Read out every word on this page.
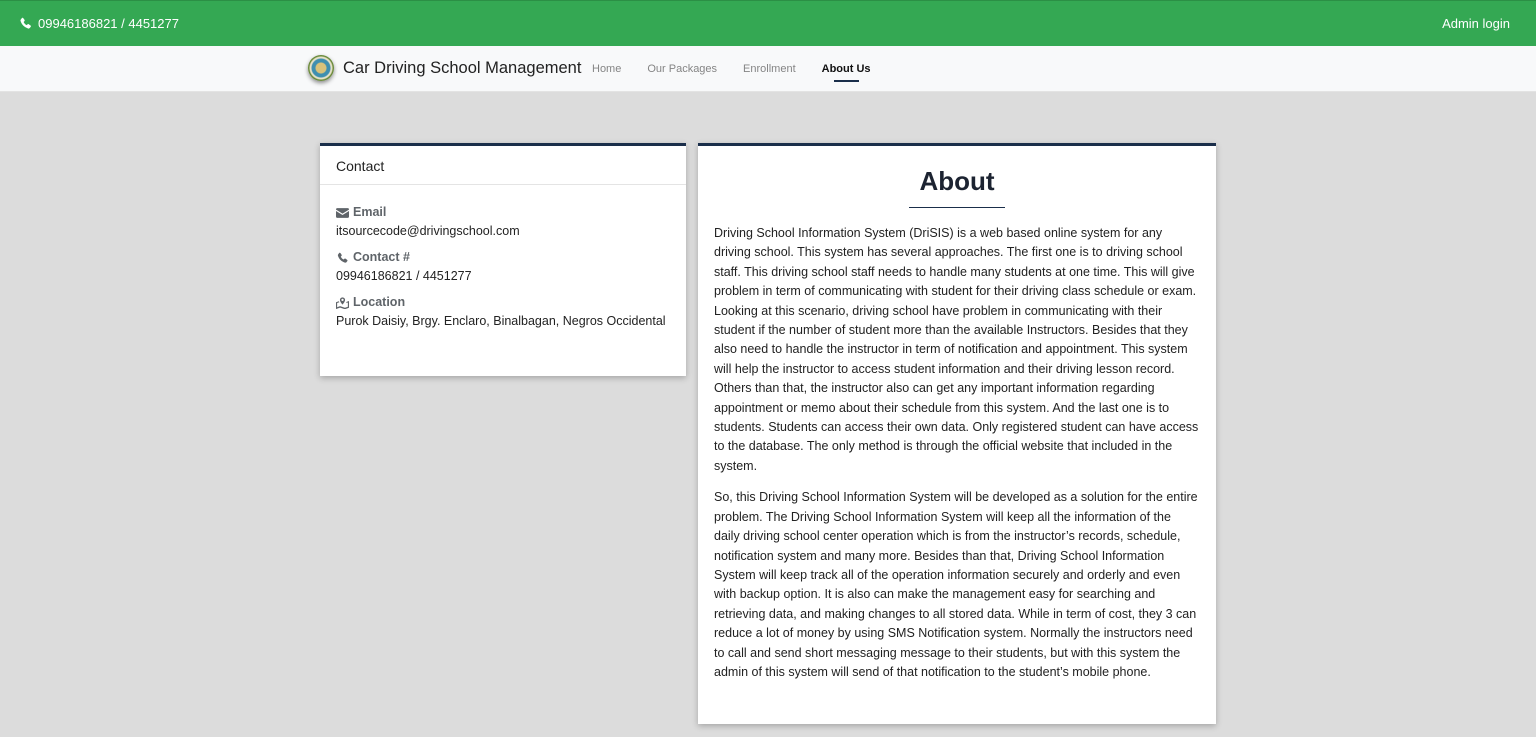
09946186821 / 4451277	Admin login
Car Driving School Management Home Our Packages Enrollment About Us
Contact
Email
itsourcecode@drivingschool.com
Contact #
09946186821 / 4451277
Location
Purok Daisiy, Brgy. Enclaro, Binalbagan, Negros Occidental
About

Driving School Information System (DriSIS) is a web based online system for any driving school. This system has several approaches. The first one is to driving school staff. This driving school staff needs to handle many students at one time. This will give problem in term of communicating with student for their driving class schedule or exam. Looking at this scenario, driving school have problem in communicating with their student if the number of student more than the available Instructors. Besides that they also need to handle the instructor in term of notification and appointment. This system will help the instructor to access student information and their driving lesson record. Others than that, the instructor also can get any important information regarding appointment or memo about their schedule from this system. And the last one is to students. Students can access their own data. Only registered student can have access to the database. The only method is through the official website that included in the system.

So, this Driving School Information System will be developed as a solution for the entire problem. The Driving School Information System will keep all the information of the daily driving school center operation which is from the instructor’s records, schedule, notification system and many more. Besides than that, Driving School Information System will keep track all of the operation information securely and orderly and even with backup option. It is also can make the management easy for searching and retrieving data, and making changes to all stored data. While in term of cost, they 3 can reduce a lot of money by using SMS Notification system. Normally the instructors need to call and send short messaging message to their students, but with this system the admin of this system will send of that notification to the student’s mobile phone.
